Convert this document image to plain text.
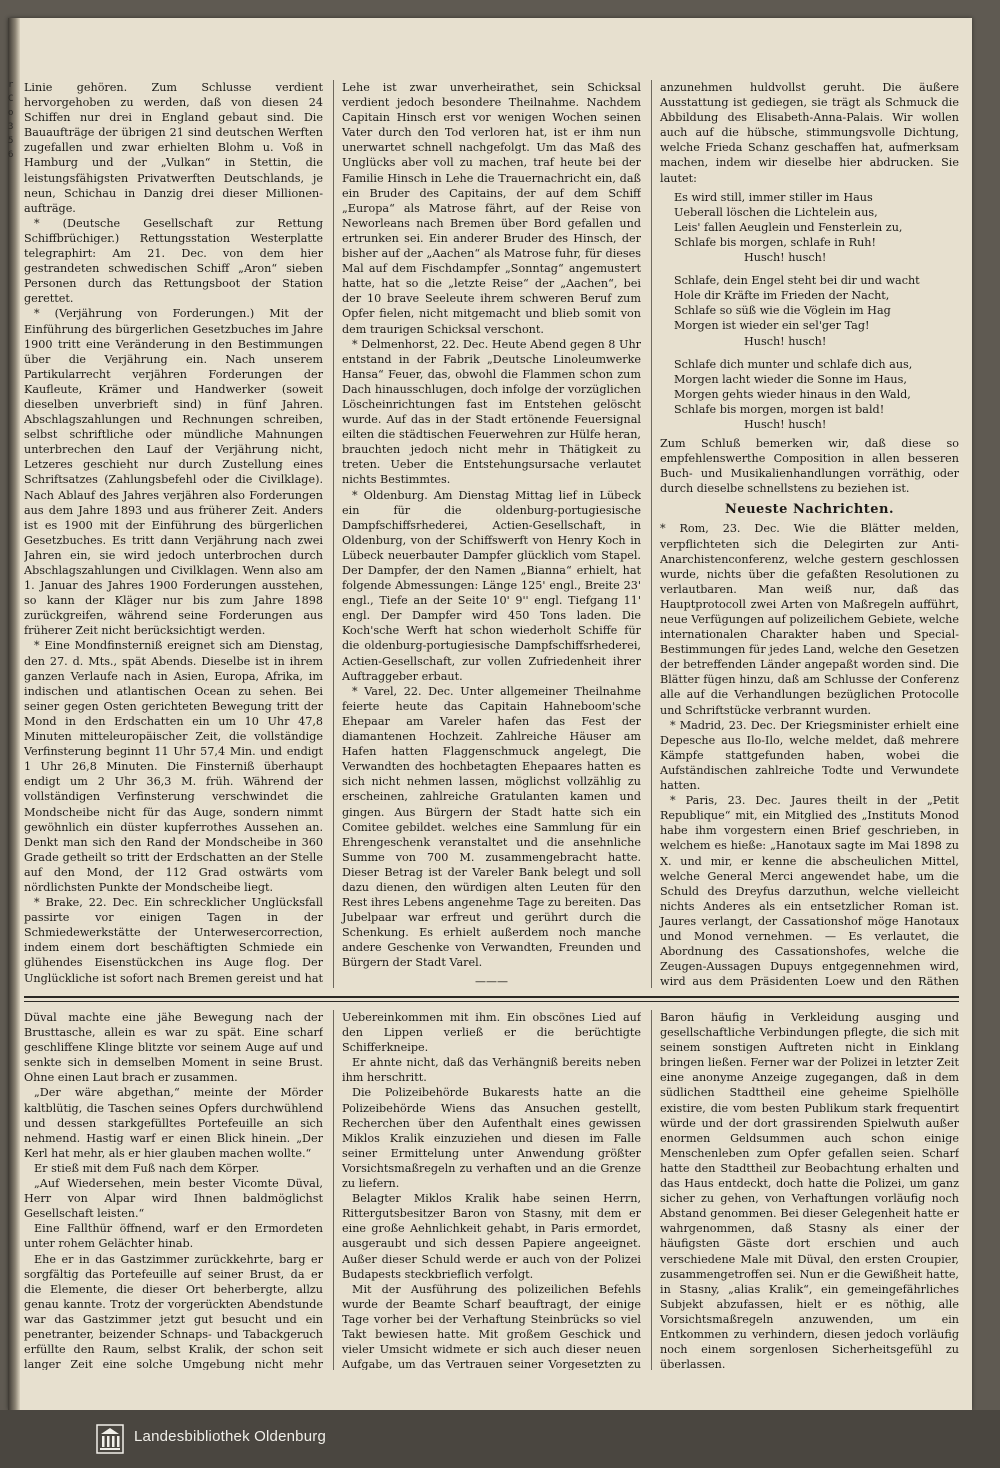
r C o 3 5 6

Linie gehören. Zum Schlusse verdient hervorgehoben zu werden, daß von diesen 24 Schiffen nur drei in England gebaut sind. Die Bauaufträge der übrigen 21 sind deutschen Werften zugefallen und zwar erhielten Blohm u. Voß in Hamburg und der „Vulkan“ in Stettin, die leistungsfähigsten Privatwerften Deutschlands, je neun, Schichau in Danzig drei dieser Millionen-aufträge.

* (Deutsche Gesellschaft zur Rettung Schiffbrüchiger.) Rettungsstation Westerplatte telegraphirt: Am 21. Dec. von dem hier gestrandeten schwedischen Schiff „Aron“ sieben Personen durch das Rettungsboot der Station gerettet.

* (Verjährung von Forderungen.) Mit der Einführung des bürgerlichen Gesetzbuches im Jahre 1900 tritt eine Veränderung in den Bestimmungen über die Verjährung ein. Nach unserem Partikularrecht verjähren Forderungen der Kaufleute, Krämer und Handwerker (soweit dieselben unverbrieft sind) in fünf Jahren. Abschlagszahlungen und Rechnungen schreiben, selbst schriftliche oder mündliche Mahnungen unterbrechen den Lauf der Verjährung nicht, Letzeres geschieht nur durch Zustellung eines Schriftsatzes (Zahlungsbefehl oder die Civilklage). Nach Ablauf des Jahres verjähren also Forderungen aus dem Jahre 1893 und aus früherer Zeit. Anders ist es 1900 mit der Einführung des bürgerlichen Gesetzbuches. Es tritt dann Verjährung nach zwei Jahren ein, sie wird jedoch unterbrochen durch Abschlagszahlungen und Civilklagen. Wenn also am 1. Januar des Jahres 1900 Forderungen ausstehen, so kann der Kläger nur bis zum Jahre 1898 zurückgreifen, während seine Forderungen aus früherer Zeit nicht berücksichtigt werden.

* Eine Mondfinsterniß ereignet sich am Dienstag, den 27. d. Mts., spät Abends. Dieselbe ist in ihrem ganzen Verlaufe nach in Asien, Europa, Afrika, im indischen und atlantischen Ocean zu sehen. Bei seiner gegen Osten gerichteten Bewegung tritt der Mond in den Erdschatten ein um 10 Uhr 47,8 Minuten mitteleuropäischer Zeit, die vollständige Verfinsterung beginnt 11 Uhr 57,4 Min. und endigt 1 Uhr 26,8 Minuten. Die Finsterniß überhaupt endigt um 2 Uhr 36,3 M. früh. Während der vollständigen Verfinsterung verschwindet die Mondscheibe nicht für das Auge, sondern nimmt gewöhnlich ein düster kupferrothes Aussehen an. Denkt man sich den Rand der Mondscheibe in 360 Grade getheilt so tritt der Erdschatten an der Stelle auf den Mond, der 112 Grad ostwärts vom nördlichsten Punkte der Mondscheibe liegt.

* Brake, 22. Dec. Ein schrecklicher Unglücksfall passirte vor einigen Tagen in der Schmiedewerkstätte der Unterwesercorrection, indem einem dort beschäftigten Schmiede ein glühendes Eisenstückchen ins Auge flog. Der Unglückliche ist sofort nach Bremen gereist und hat

Lehe ist zwar unverheirathet, sein Schicksal verdient jedoch besondere Theilnahme. Nachdem Capitain Hinsch erst vor wenigen Wochen seinen Vater durch den Tod verloren hat, ist er ihm nun unerwartet schnell nachgefolgt. Um das Maß des Unglücks aber voll zu machen, traf heute bei der Familie Hinsch in Lehe die Trauernachricht ein, daß ein Bruder des Capitains, der auf dem Schiff „Europa“ als Matrose fährt, auf der Reise von Neworleans nach Bremen über Bord gefallen und ertrunken sei. Ein anderer Bruder des Hinsch, der bisher auf der „Aachen“ als Matrose fuhr, für dieses Mal auf dem Fischdampfer „Sonntag“ angemustert hatte, hat so die „letzte Reise“ der „Aachen“, bei der 10 brave Seeleute ihrem schweren Beruf zum Opfer fielen, nicht mitgemacht und blieb somit von dem traurigen Schicksal verschont.

* Delmenhorst, 22. Dec. Heute Abend gegen 8 Uhr entstand in der Fabrik „Deutsche Linoleumwerke Hansa“ Feuer, das, obwohl die Flammen schon zum Dach hinausschlugen, doch infolge der vorzüglichen Löscheinrichtungen fast im Entstehen gelöscht wurde. Auf das in der Stadt ertönende Feuersignal eilten die städtischen Feuerwehren zur Hülfe heran, brauchten jedoch nicht mehr in Thätigkeit zu treten. Ueber die Entstehungsursache verlautet nichts Bestimmtes.

* Oldenburg. Am Dienstag Mittag lief in Lübeck ein für die oldenburg-portugiesische Dampfschiffsrhederei, Actien-Gesellschaft, in Oldenburg, von der Schiffswerft von Henry Koch in Lübeck neuerbauter Dampfer glücklich vom Stapel. Der Dampfer, der den Namen „Bianna“ erhielt, hat folgende Abmessungen: Länge 125' engl., Breite 23' engl., Tiefe an der Seite 10' 9'' engl. Tiefgang 11' engl. Der Dampfer wird 450 Tons laden. Die Koch'sche Werft hat schon wiederholt Schiffe für die oldenburg-portugiesische Dampfschiffsrhederei, Actien-Gesellschaft, zur vollen Zufriedenheit ihrer Auftraggeber erbaut.

* Varel, 22. Dec. Unter allgemeiner Theilnahme feierte heute das Capitain Hahneboom'sche Ehepaar am Vareler hafen das Fest der diamantenen Hochzeit. Zahlreiche Häuser am Hafen hatten Flaggenschmuck angelegt, Die Verwandten des hochbetagten Ehepaares hatten es sich nicht nehmen lassen, möglichst vollzählig zu erscheinen, zahlreiche Gratulanten kamen und gingen. Aus Bürgern der Stadt hatte sich ein Comitee gebildet. welches eine Sammlung für ein Ehrengeschenk veranstaltet und die ansehnliche Summe von 700 M. zusammengebracht hatte. Dieser Betrag ist der Vareler Bank belegt und soll dazu dienen, den würdigen alten Leuten für den Rest ihres Lebens angenehme Tage zu bereiten. Das Jubelpaar war erfreut und gerührt durch die Schenkung. Es erhielt außerdem noch manche andere Geschenke von Verwandten, Freunden und Bürgern der Stadt Varel.

———

anzunehmen huldvollst geruht. Die äußere Ausstattung ist gediegen, sie trägt als Schmuck die Abbildung des Elisabeth-Anna-Palais. Wir wollen auch auf die hübsche, stimmungsvolle Dichtung, welche Frieda Schanz geschaffen hat, aufmerksam machen, indem wir dieselbe hier abdrucken. Sie lautet:

Es wird still, immer stiller im Haus
Ueberall löschen die Lichtelein aus,
Leis' fallen Aeuglein und Fensterlein zu,
Schlafe bis morgen, schlafe in Ruh!
Husch! husch!
Schlafe, dein Engel steht bei dir und wacht
Hole dir Kräfte im Frieden der Nacht,
Schlafe so süß wie die Vöglein im Hag
Morgen ist wieder ein sel'ger Tag!
Husch! husch!
Schlafe dich munter und schlafe dich aus,
Morgen lacht wieder die Sonne im Haus,
Morgen gehts wieder hinaus in den Wald,
Schlafe bis morgen, morgen ist bald!
Husch! husch!

Zum Schluß bemerken wir, daß diese so empfehlenswerthe Composition in allen besseren Buch- und Musikalienhandlungen vorräthig, oder durch dieselbe schnellstens zu beziehen ist.

Neueste Nachrichten.

* Rom, 23. Dec. Wie die Blätter melden, verpflichteten sich die Delegirten zur Anti-Anarchistenconferenz, welche gestern geschlossen wurde, nichts über die gefaßten Resolutionen zu verlautbaren. Man weiß nur, daß das Hauptprotocoll zwei Arten von Maßregeln aufführt, neue Verfügungen auf polizeilichem Gebiete, welche internationalen Charakter haben und Special-Bestimmungen für jedes Land, welche den Gesetzen der betreffenden Länder angepaßt worden sind. Die Blätter fügen hinzu, daß am Schlusse der Conferenz alle auf die Verhandlungen bezüglichen Protocolle und Schriftstücke verbrannt wurden.

* Madrid, 23. Dec. Der Kriegsminister erhielt eine Depesche aus Ilo-Ilo, welche meldet, daß mehrere Kämpfe stattgefunden haben, wobei die Aufständischen zahlreiche Todte und Verwundete hatten.

* Paris, 23. Dec. Jaures theilt in der „Petit Republique“ mit, ein Mitglied des „Instituts Monod habe ihm vorgestern einen Brief geschrieben, in welchem es hieße: „Hanotaux sagte im Mai 1898 zu X. und mir, er kenne die abscheulichen Mittel, welche General Merci angewendet habe, um die Schuld des Dreyfus darzuthun, welche vielleicht nichts Anderes als ein entsetzlicher Roman ist. Jaures verlangt, der Cassationshof möge Hanotaux und Monod vernehmen. — Es verlautet, die Abordnung des Cassationshofes, welche die Zeugen-Aussagen Dupuys entgegennehmen wird, wird aus dem Präsidenten Loew und den Räthen

Düval machte eine jähe Bewegung nach der Brusttasche, allein es war zu spät. Eine scharf geschliffene Klinge blitzte vor seinem Auge auf und senkte sich in demselben Moment in seine Brust. Ohne einen Laut brach er zusammen.

„Der wäre abgethan,“ meinte der Mörder kaltblütig, die Taschen seines Opfers durchwühlend und dessen starkgefülltes Portefeuille an sich nehmend. Hastig warf er einen Blick hinein. „Der Kerl hat mehr, als er hier glauben machen wollte.“

Er stieß mit dem Fuß nach dem Körper.

„Auf Wiedersehen, mein bester Vicomte Düval, Herr von Alpar wird Ihnen baldmöglichst Gesellschaft leisten.“

Eine Fallthür öffnend, warf er den Ermordeten unter rohem Gelächter hinab.

Ehe er in das Gastzimmer zurückkehrte, barg er sorgfältig das Portefeuille auf seiner Brust, da er die Elemente, die dieser Ort beherbergte, allzu genau kannte. Trotz der vorgerückten Abendstunde war das Gastzimmer jetzt gut besucht und ein penetranter, beizender Schnaps- und Tabackgeruch erfüllte den Raum, selbst Kralik, der schon seit langer Zeit eine solche Umgebung nicht mehr

Uebereinkommen mit ihm. Ein obscönes Lied auf den Lippen verließ er die berüchtigte Schifferkneipe.

Er ahnte nicht, daß das Verhängniß bereits neben ihm herschritt.

Die Polizeibehörde Bukarests hatte an die Polizeibehörde Wiens das Ansuchen gestellt, Recherchen über den Aufenthalt eines gewissen Miklos Kralik einzuziehen und diesen im Falle seiner Ermittelung unter Anwendung größter Vorsichtsmaßregeln zu verhaften und an die Grenze zu liefern.

Belagter Miklos Kralik habe seinen Herrn, Rittergutsbesitzer Baron von Stasny, mit dem er eine große Aehnlichkeit gehabt, in Paris ermordet, ausgeraubt und sich dessen Papiere angeeignet. Außer dieser Schuld werde er auch von der Polizei Budapests steckbrieflich verfolgt.

Mit der Ausführung des polizeilichen Befehls wurde der Beamte Scharf beauftragt, der einige Tage vorher bei der Verhaftung Steinbrücks so viel Takt bewiesen hatte. Mit großem Geschick und vieler Umsicht widmete er sich auch dieser neuen Aufgabe, um das Vertrauen seiner Vorgesetzten zu

Baron häufig in Verkleidung ausging und gesellschaftliche Verbindungen pflegte, die sich mit seinem sonstigen Auftreten nicht in Einklang bringen ließen. Ferner war der Polizei in letzter Zeit eine anonyme Anzeige zugegangen, daß in dem südlichen Stadttheil eine geheime Spielhölle existire, die vom besten Publikum stark frequentirt würde und der dort grassirenden Spielwuth außer enormen Geldsummen auch schon einige Menschenleben zum Opfer gefallen seien. Scharf hatte den Stadttheil zur Beobachtung erhalten und das Haus entdeckt, doch hatte die Polizei, um ganz sicher zu gehen, von Verhaftungen vorläufig noch Abstand genommen. Bei dieser Gelegenheit hatte er wahrgenommen, daß Stasny als einer der häufigsten Gäste dort erschien und auch verschiedene Male mit Düval, den ersten Croupier, zusammengetroffen sei. Nun er die Gewißheit hatte, in Stasny, „alias Kralik“, ein gemeingefährliches Subjekt abzufassen, hielt er es nöthig, alle Vorsichtsmaßregeln anzuwenden, um ein Entkommen zu verhindern, diesen jedoch vorläufig noch einem sorgenlosen Sicherheitsgefühl zu überlassen.

Landesbibliothek Oldenburg
